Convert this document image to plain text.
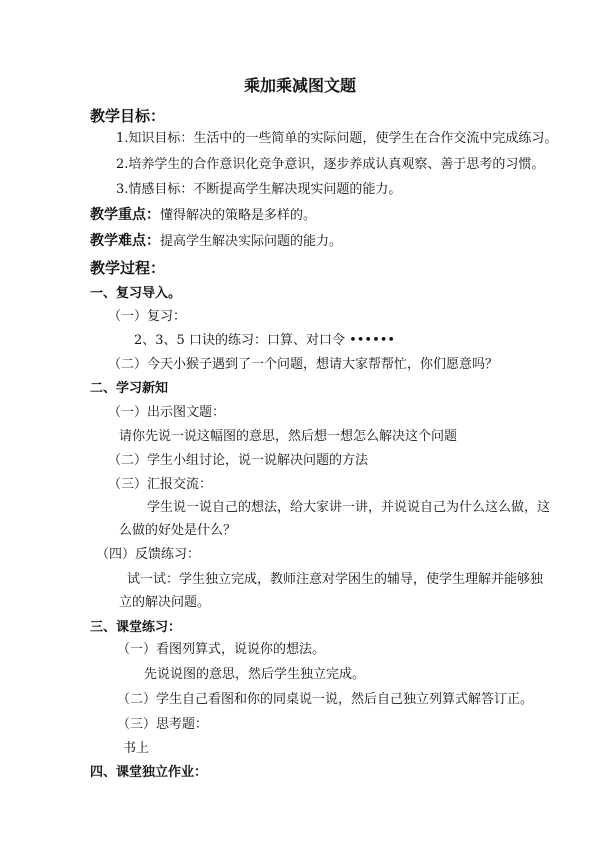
乘加乘减图文题
教学目标：
1.知识目标：生活中的一些简单的实际问题，使学生在合作交流中完成练习。
2.培养学生的合作意识化竞争意识，逐步养成认真观察、善于思考的习惯。
3.情感目标：不断提高学生解决现实问题的能力。
教学重点：懂得解决的策略是多样的。
教学难点：提高学生解决实际问题的能力。
教学过程：
一、复习导入。
（一）复习：
2、3、5 口诀的练习：口算、对口令 ••••••
（二）今天小猴子遇到了一个问题，想请大家帮帮忙，你们愿意吗？
二、学习新知
（一）出示图文题：
请你先说一说这幅图的意思，然后想一想怎么解决这个问题
（二）学生小组讨论，说一说解决问题的方法
（三）汇报交流：
学生说一说自己的想法，给大家讲一讲，并说说自己为什么这么做，这
么做的好处是什么？
（四）反馈练习：
试一试：学生独立完成，教师注意对学困生的辅导，使学生理解并能够独
立的解决问题。
三、课堂练习：
（一）看图列算式，说说你的想法。
先说说图的意思，然后学生独立完成。
（二）学生自己看图和你的同桌说一说，然后自己独立列算式解答订正。
（三）思考题：
书上
四、课堂独立作业：
